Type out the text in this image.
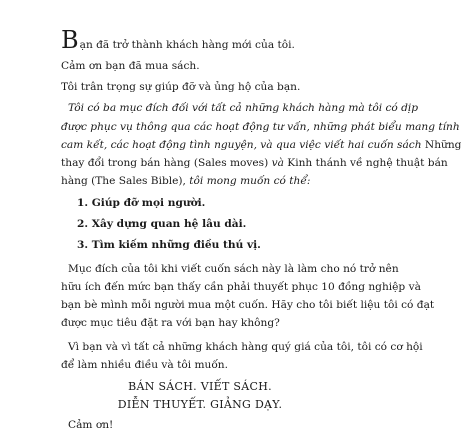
Bạn đã trở thành khách hàng mới của tôi.
Cảm ơn bạn đã mua sách.
Tôi trân trọng sự giúp đỡ và ủng hộ của bạn.
Tôi có ba mục đích đối với tất cả những khách hàng mà tôi có dịp
được phục vụ thông qua các hoạt động tư vấn, những phát biểu mang tính
cam kết, các hoạt động tình nguyện, và qua việc viết hai cuốn sách Những
thay đổi trong bán hàng (Sales moves) và Kinh thánh về nghệ thuật bán
hàng (The Sales Bible), tôi mong muốn có thể:
1. Giúp đỡ mọi người.
2. Xây dựng quan hệ lâu dài.
3. Tìm kiếm những điều thú vị.
Mục đích của tôi khi viết cuốn sách này là làm cho nó trở nên
hữu ích đến mức bạn thấy cần phải thuyết phục 10 đồng nghiệp và
bạn bè mình mỗi người mua một cuốn. Hãy cho tôi biết liệu tôi có đạt
được mục tiêu đặt ra với bạn hay không?
Vì bạn và vì tất cả những khách hàng quý giá của tôi, tôi có cơ hội
để làm nhiều điều và tôi muốn.
BÁN SÁCH. VIẾT SÁCH.
DIỄN THUYẾT. GIẢNG DẠY.
Cảm ơn!
